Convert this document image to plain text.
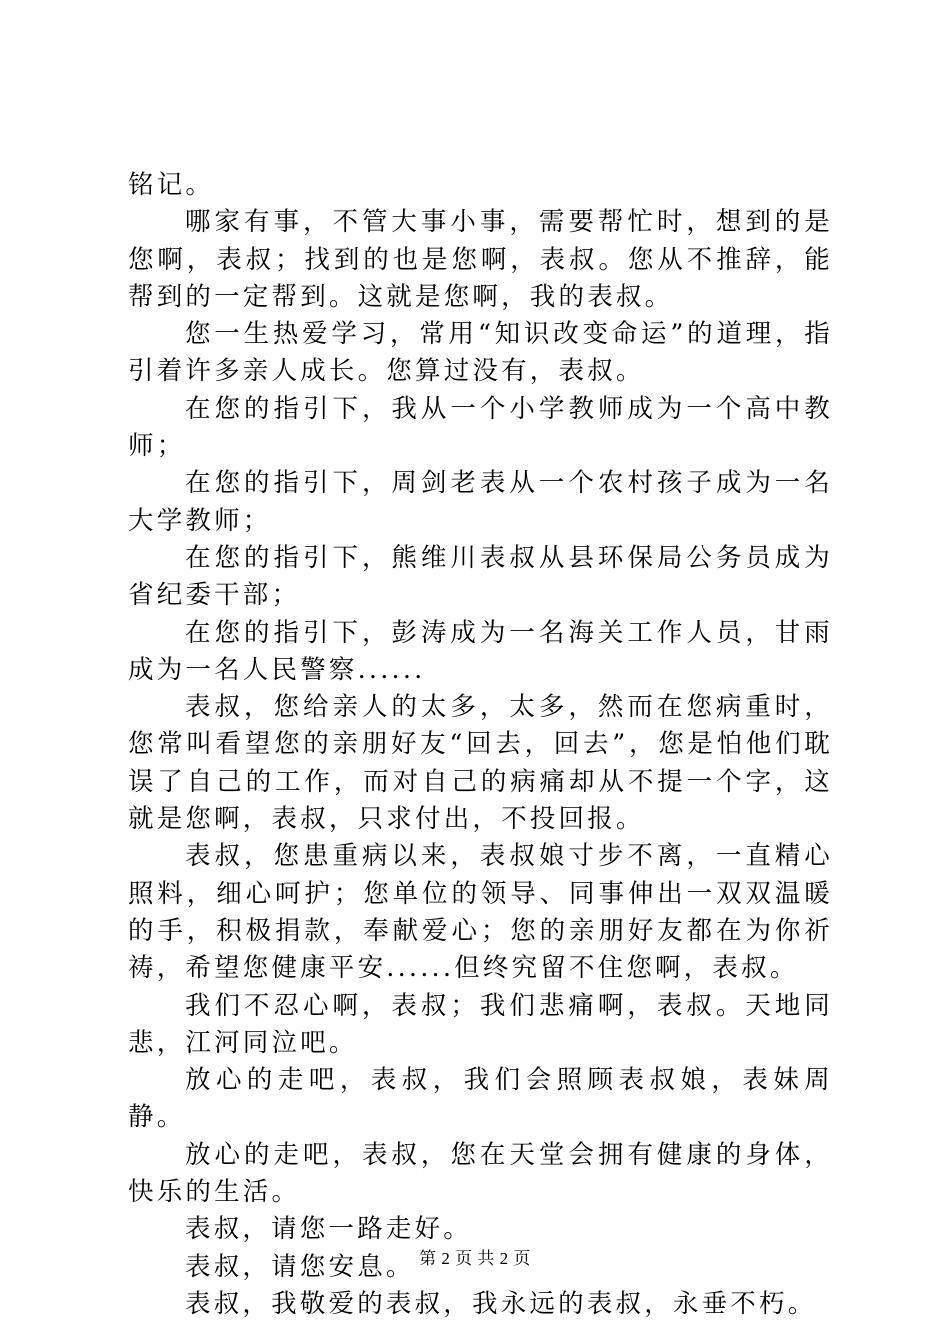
铭记。

哪家有事，不管大事小事，需要帮忙时，想到的是您啊，表叔；找到的也是您啊，表叔。您从不推辞，能帮到的一定帮到。这就是您啊，我的表叔。

您一生热爱学习，常用“知识改变命运”的道理，指引着许多亲人成长。您算过没有，表叔。

在您的指引下，我从一个小学教师成为一个高中教师；

在您的指引下，周剑老表从一个农村孩子成为一名大学教师；

在您的指引下，熊维川表叔从县环保局公务员成为省纪委干部；

在您的指引下，彭涛成为一名海关工作人员，甘雨成为一名人民警察......

表叔，您给亲人的太多，太多，然而在您病重时，您常叫看望您的亲朋好友“回去，回去”，您是怕他们耽误了自己的工作，而对自己的病痛却从不提一个字，这就是您啊，表叔，只求付出，不投回报。

表叔，您患重病以来，表叔娘寸步不离，一直精心照料，细心呵护；您单位的领导、同事伸出一双双温暖的手，积极捐款，奉献爱心；您的亲朋好友都在为你祈祷，希望您健康平安......但终究留不住您啊，表叔。

我们不忍心啊，表叔；我们悲痛啊，表叔。天地同悲，江河同泣吧。

放心的走吧，表叔，我们会照顾表叔娘，表妹周静。

放心的走吧，表叔，您在天堂会拥有健康的身体，快乐的生活。

表叔，请您一路走好。

表叔，请您安息。

表叔，我敬爱的表叔，我永远的表叔，永垂不朽。

第 2 页 共 2 页
